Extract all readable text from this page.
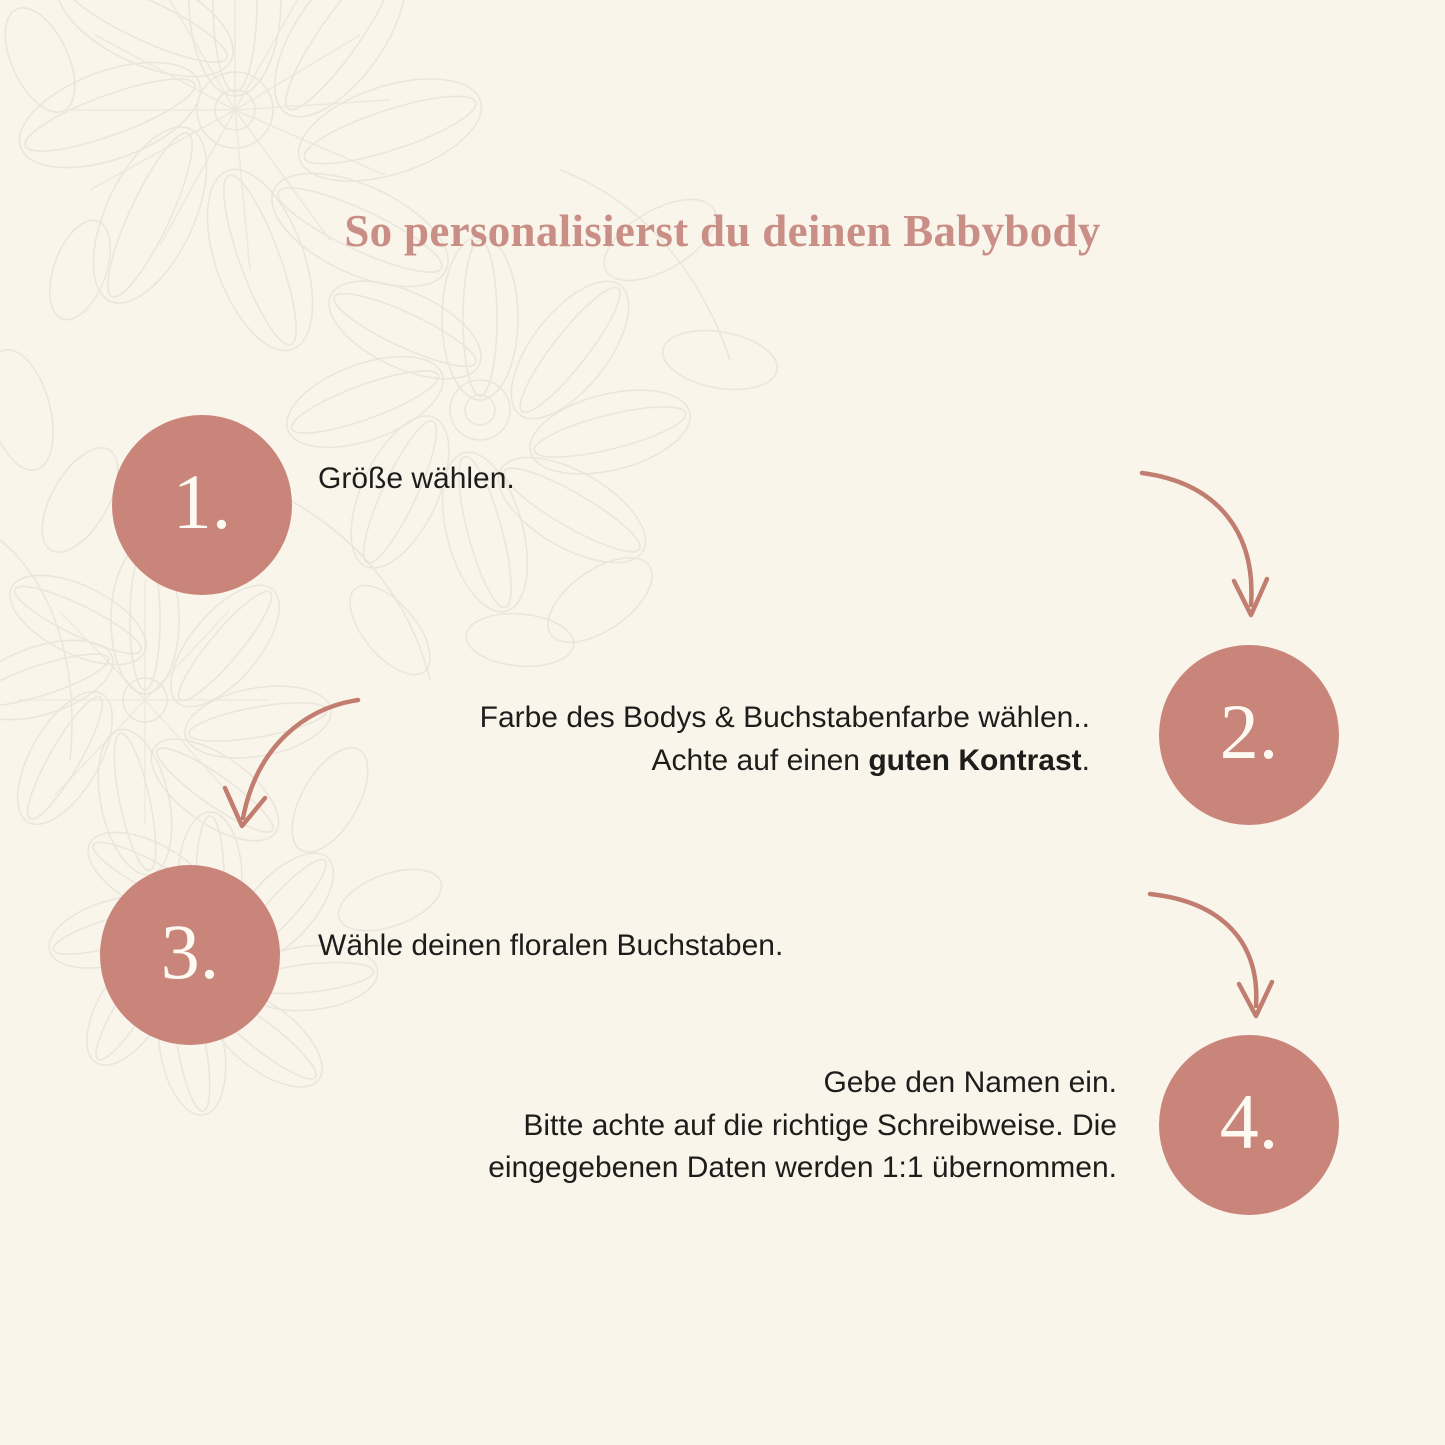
So personalisierst du deinen Babybody
1.	Größe wählen.
2.
Farbe des Bodys & Buchstabenfarbe wählen..
Achte auf einen guten Kontrast.
3.	Wähle deinen floralen Buchstaben.
4.
Gebe den Namen ein.
Bitte achte auf die richtige Schreibweise. Die
eingegebenen Daten werden 1:1 übernommen.
